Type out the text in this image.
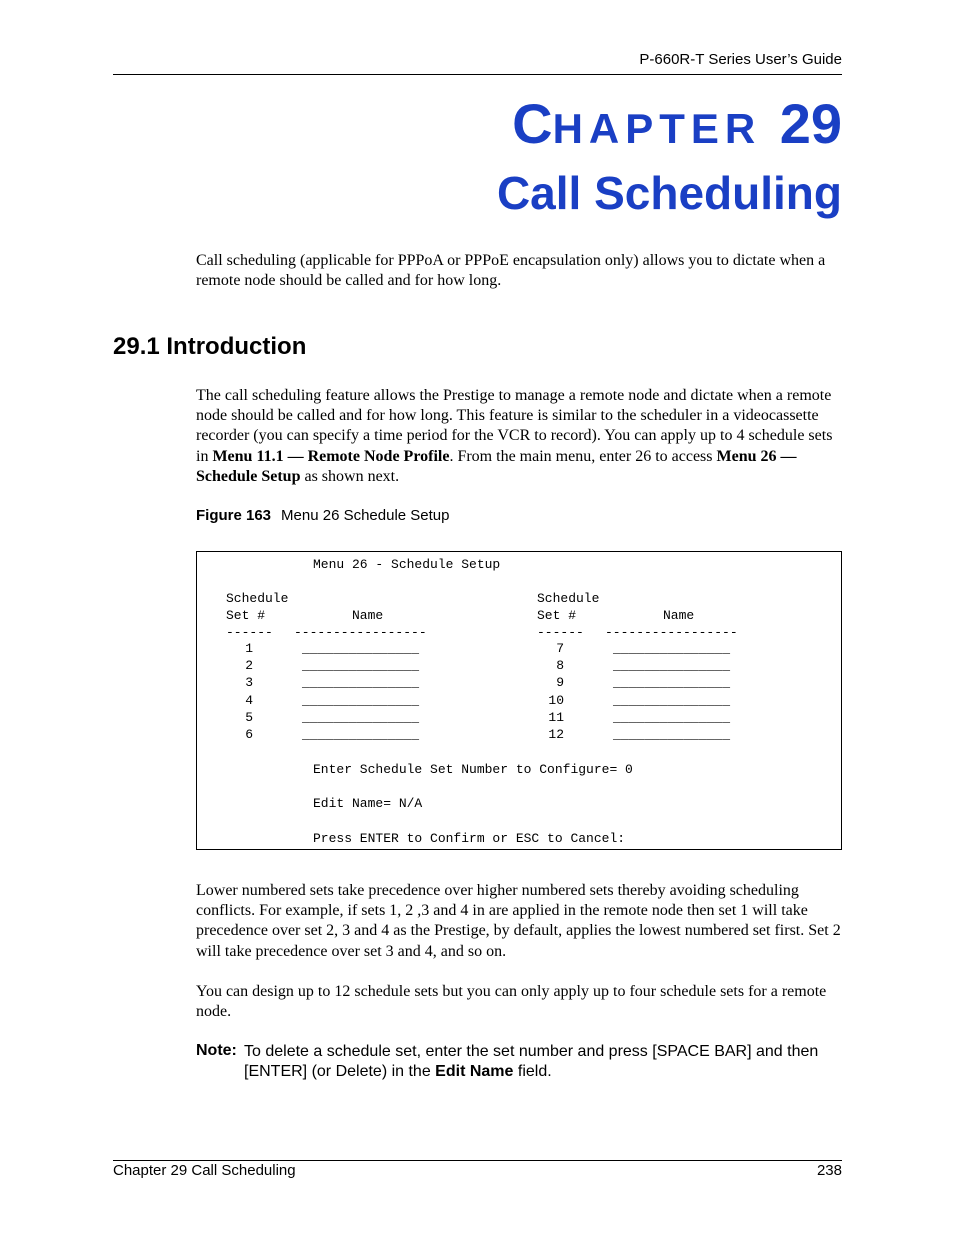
P-660R-T Series User’s Guide
CHAPTER 29
Call Scheduling
Call scheduling (applicable for PPPoA or PPPoE encapsulation only) allows you to dictate when a remote node should be called and for how long.
29.1 Introduction
The call scheduling feature allows the Prestige to manage a remote node and dictate when a remote node should be called and for how long. This feature is similar to the scheduler in a videocassette recorder (you can specify a time period for the VCR to record). You can apply up to 4 schedule sets in Menu 11.1 — Remote Node Profile. From the main menu, enter 26 to access Menu 26 — Schedule Setup as shown next.
Figure 163 Menu 26 Schedule Setup
Menu 26 - Schedule Setup
Schedule
Set #	Name
------ -----------------
Schedule
Set #	Name
------ -----------------
1	_______________
2	_______________
3	_______________
4	_______________
5	_______________
6	_______________
7	_______________
8	_______________
9	_______________
10	_______________
11	_______________
12	_______________
Enter Schedule Set Number to Configure= 0
Edit Name= N/A
Press ENTER to Confirm or ESC to Cancel:
Lower numbered sets take precedence over higher numbered sets thereby avoiding scheduling conflicts. For example, if sets 1, 2 ,3 and 4 in are applied in the remote node then set 1 will take precedence over set 2, 3 and 4 as the Prestige, by default, applies the lowest numbered set first. Set 2 will take precedence over set 3 and 4, and so on.
You can design up to 12 schedule sets but you can only apply up to four schedule sets for a remote node.
Note: To delete a schedule set, enter the set number and press [SPACE BAR] and then [ENTER] (or Delete) in the Edit Name field.
Chapter 29 Call Scheduling	238
